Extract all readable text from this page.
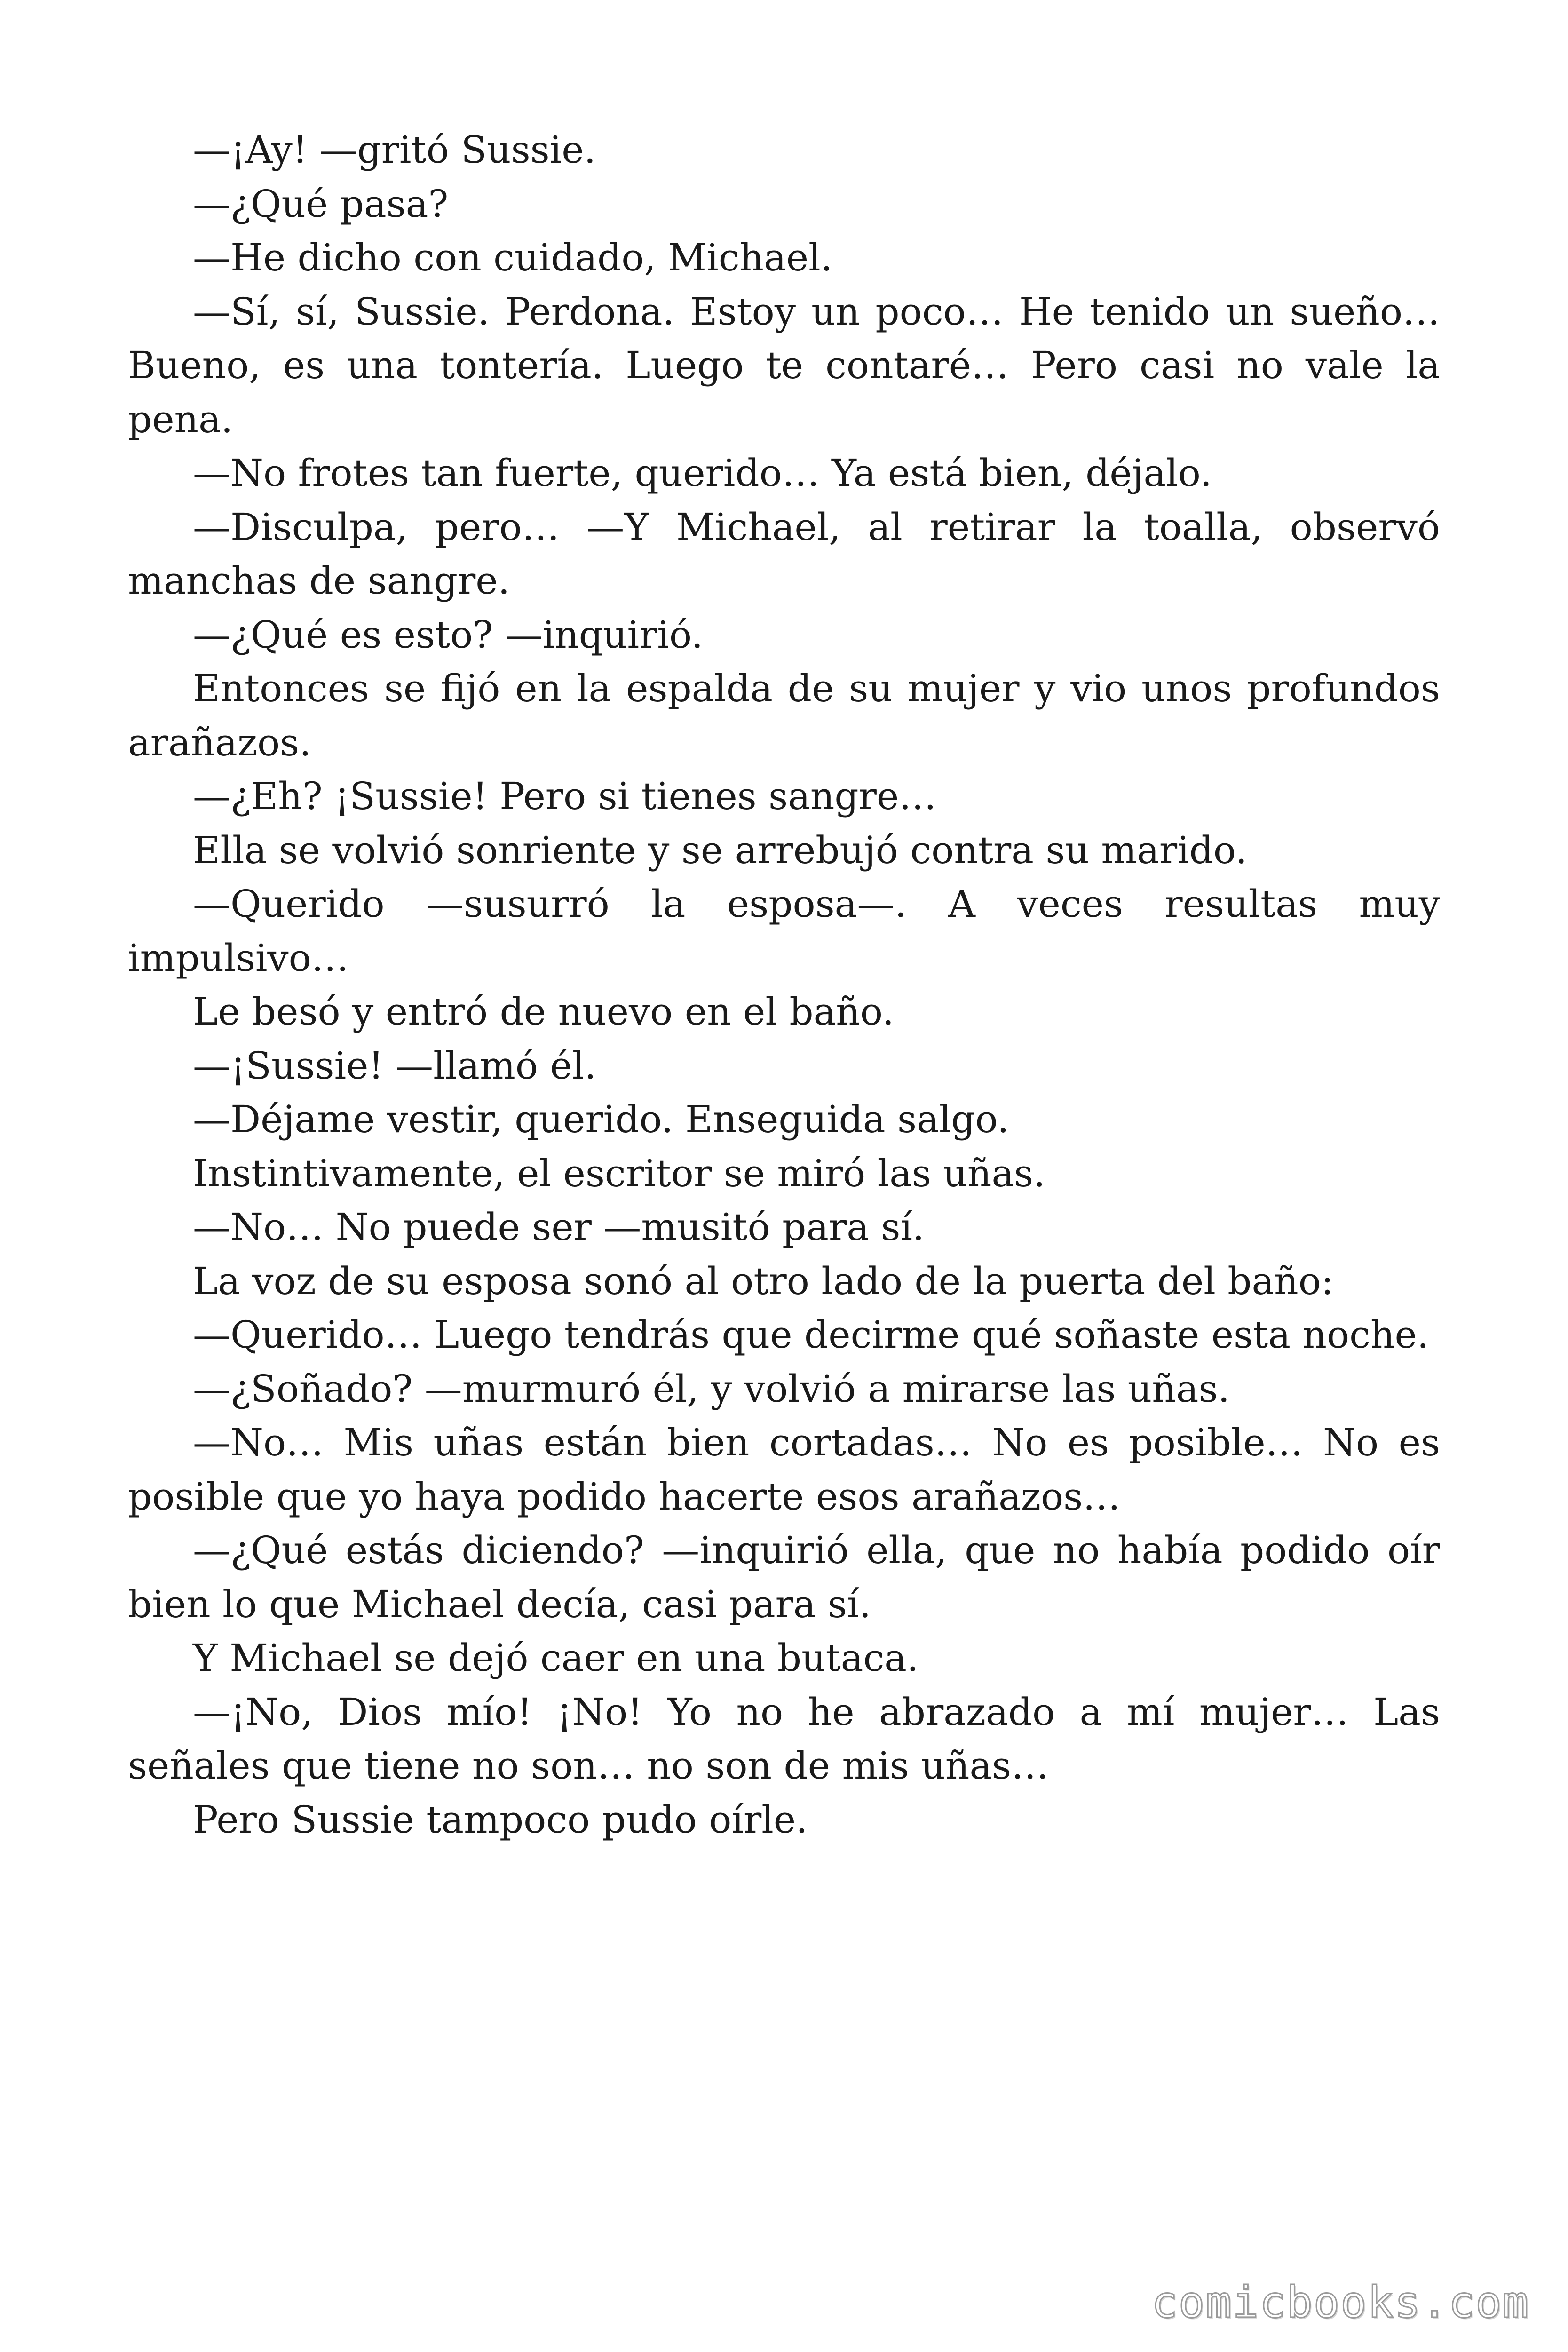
—¡Ay! —gritó Sussie.

—¿Qué pasa?

—He dicho con cuidado, Michael.

—Sí, sí, Sussie. Perdona. Estoy un poco… He tenido un sueño… Bueno, es una tontería. Luego te contaré… Pero casi no vale la pena.

—No frotes tan fuerte, querido… Ya está bien, déjalo.

—Disculpa, pero… —Y Michael, al retirar la toalla, observó manchas de sangre.

—¿Qué es esto? —inquirió.

Entonces se fijó en la espalda de su mujer y vio unos profundos arañazos.

—¿Eh? ¡Sussie! Pero si tienes sangre…

Ella se volvió sonriente y se arrebujó contra su marido.

—Querido —susurró la esposa—. A veces resultas muy impulsivo…

Le besó y entró de nuevo en el baño.

—¡Sussie! —llamó él.

—Déjame vestir, querido. Enseguida salgo.

Instintivamente, el escritor se miró las uñas.

—No… No puede ser —musitó para sí.

La voz de su esposa sonó al otro lado de la puerta del baño:

—Querido… Luego tendrás que decirme qué soñaste esta noche.

—¿Soñado? —murmuró él, y volvió a mirarse las uñas.

—No… Mis uñas están bien cortadas… No es posible… No es posible que yo haya podido hacerte esos arañazos…

—¿Qué estás diciendo? —inquirió ella, que no había podido oír bien lo que Michael decía, casi para sí.

Y Michael se dejó caer en una butaca.

—¡No, Dios mío! ¡No! Yo no he abrazado a mí mujer… Las señales que tiene no son… no son de mis uñas…

Pero Sussie tampoco pudo oírle.

comicbooks.com
